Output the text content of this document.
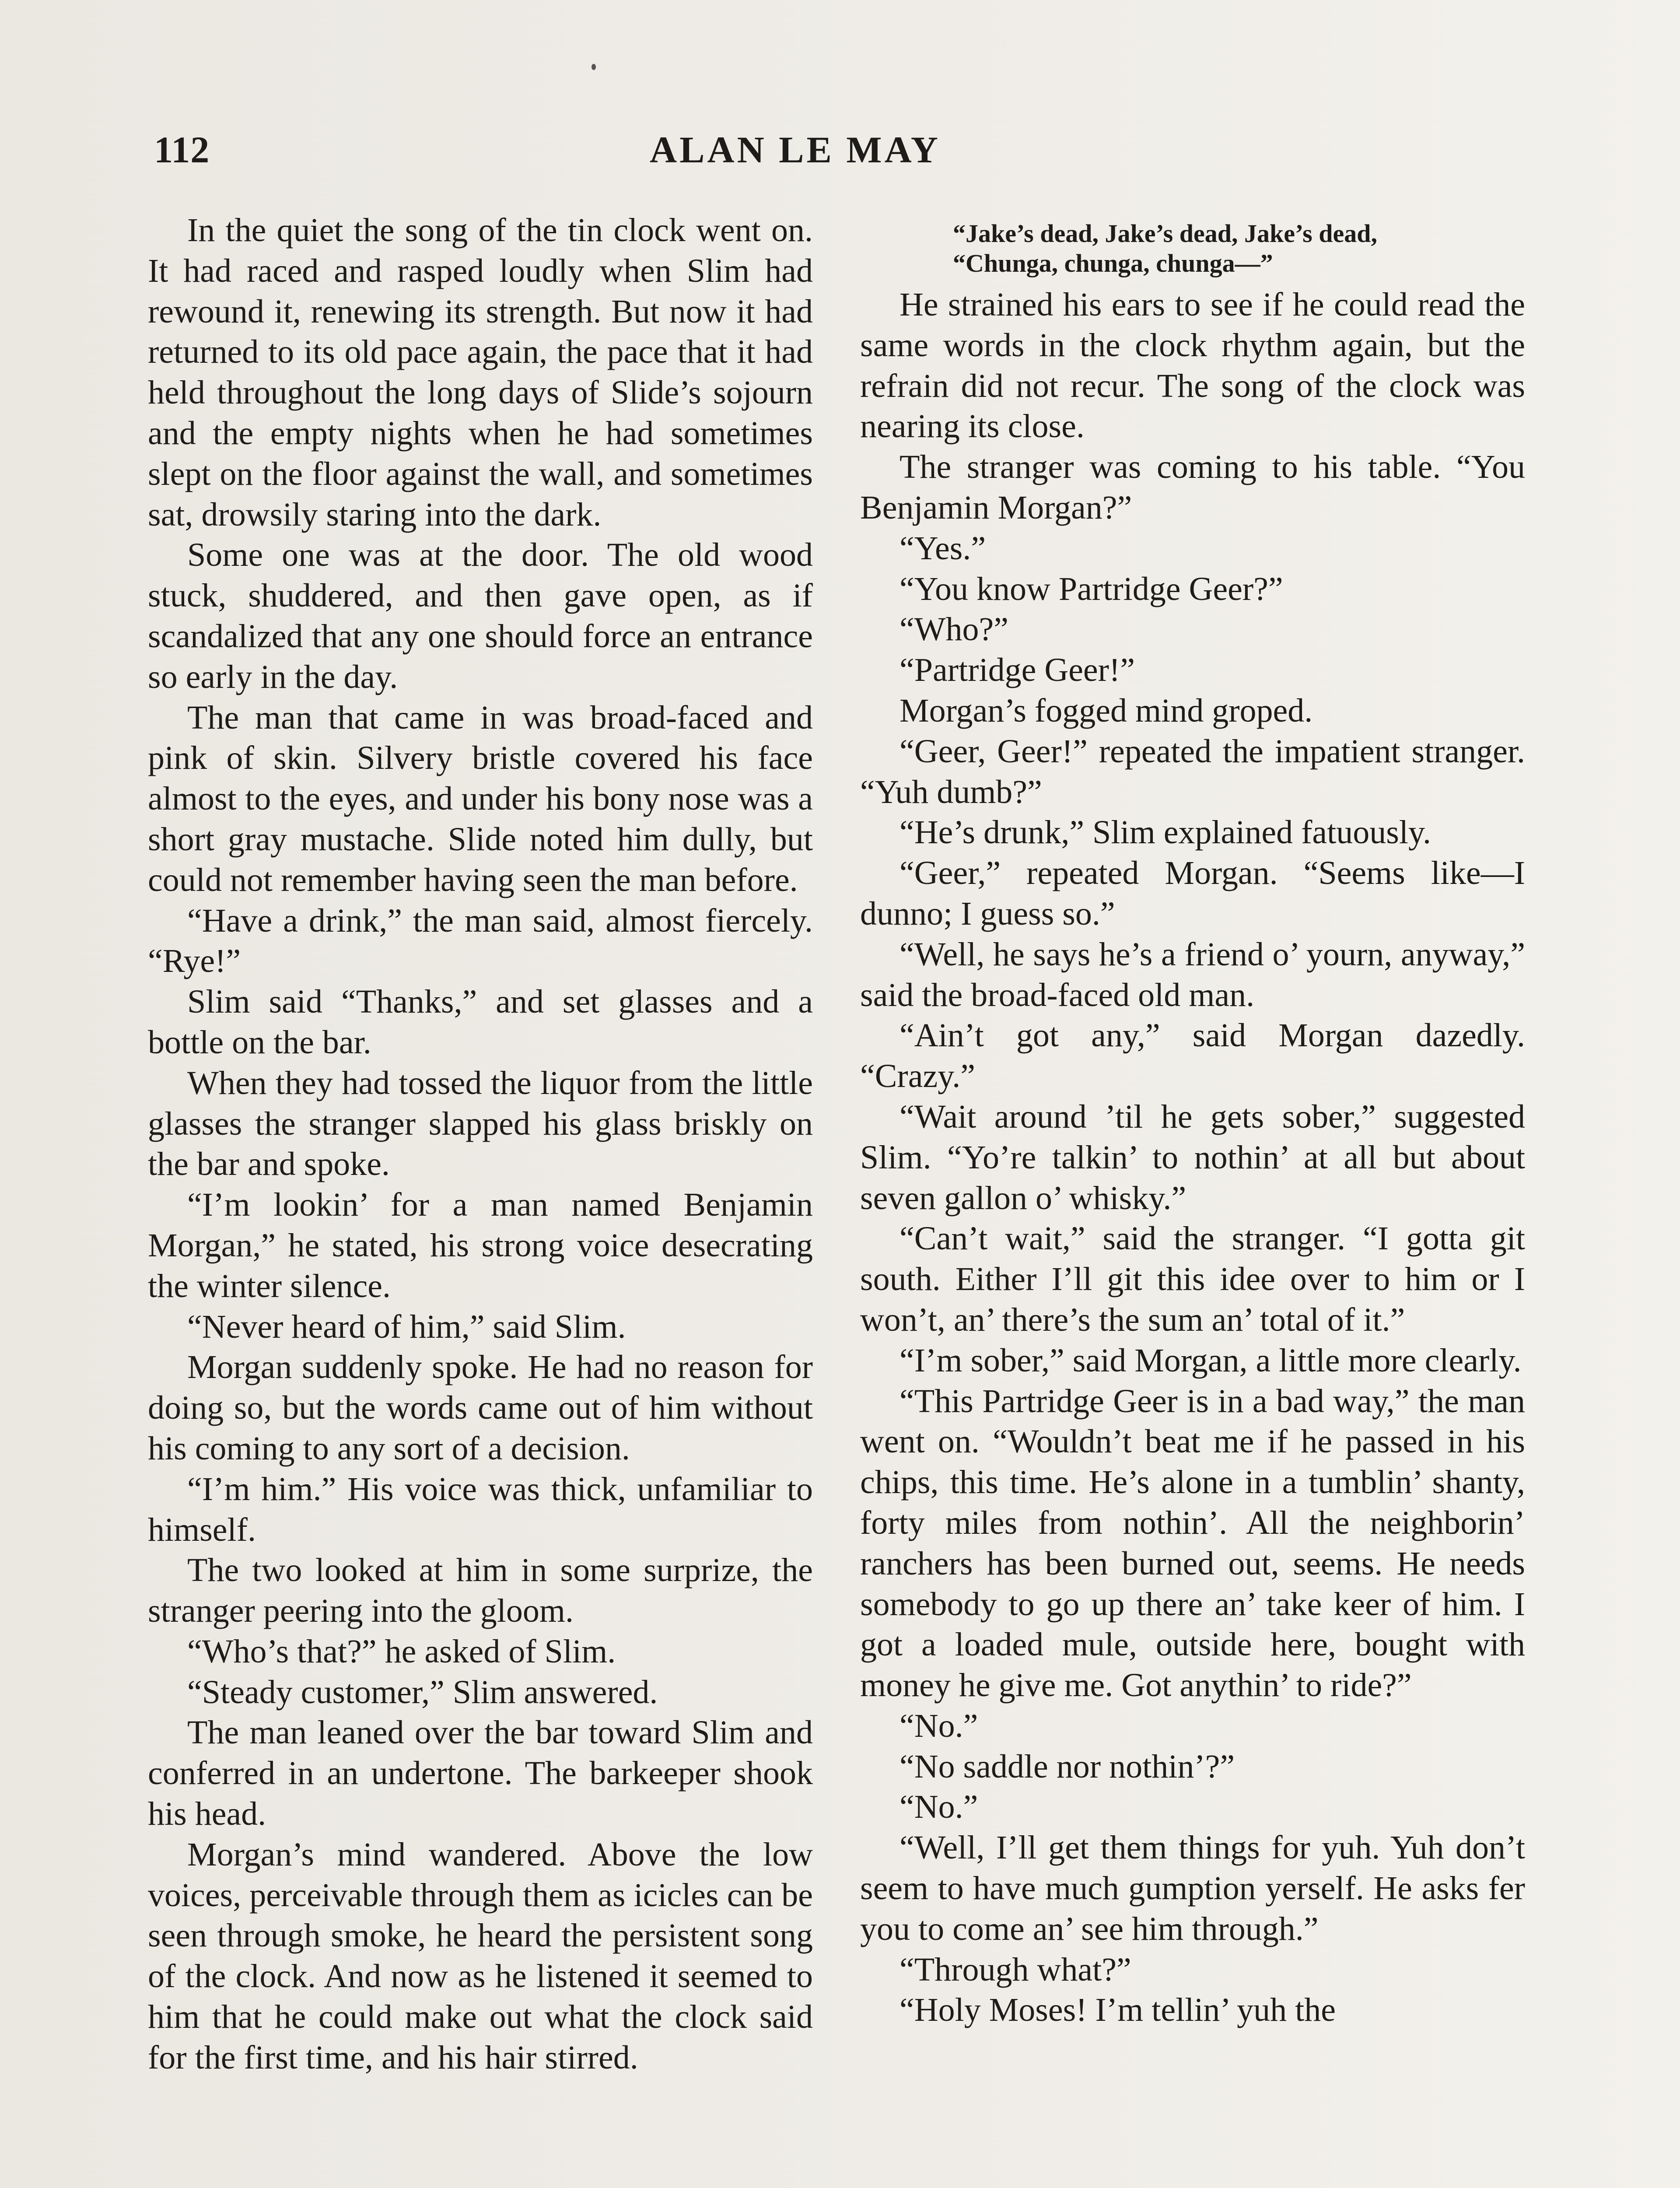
112	ALAN LE MAY

In the quiet the song of the tin clock went on. It had raced and rasped loudly when Slim had rewound it, renewing its strength. But now it had returned to its old pace again, the pace that it had held throughout the long days of Slide’s sojourn and the empty nights when he had sometimes slept on the floor against the wall, and sometimes sat, drowsily staring into the dark.

Some one was at the door. The old wood stuck, shuddered, and then gave open, as if scandalized that any one should force an entrance so early in the day.

The man that came in was broad-faced and pink of skin. Silvery bristle covered his face almost to the eyes, and under his bony nose was a short gray mustache. Slide noted him dully, but could not remember having seen the man before.

“Have a drink,” the man said, almost fiercely. “Rye!”

Slim said “Thanks,” and set glasses and a bottle on the bar.

When they had tossed the liquor from the little glasses the stranger slapped his glass briskly on the bar and spoke.

“I’m lookin’ for a man named Benjamin Morgan,” he stated, his strong voice desecrating the winter silence.

“Never heard of him,” said Slim.

Morgan suddenly spoke. He had no reason for doing so, but the words came out of him without his coming to any sort of a decision.

“I’m him.” His voice was thick, unfamiliar to himself.

The two looked at him in some surprize, the stranger peering into the gloom.

“Who’s that?” he asked of Slim.

“Steady customer,” Slim answered.

The man leaned over the bar toward Slim and conferred in an undertone. The barkeeper shook his head.

Morgan’s mind wandered. Above the low voices, perceivable through them as icicles can be seen through smoke, he heard the persistent song of the clock. And now as he listened it seemed to him that he could make out what the clock said for the first time, and his hair stirred.

“Jake’s dead, Jake’s dead, Jake’s dead,
“Chunga, chunga, chunga—”

He strained his ears to see if he could read the same words in the clock rhythm again, but the refrain did not recur. The song of the clock was nearing its close.

The stranger was coming to his table. “You Benjamin Morgan?”

“Yes.”

“You know Partridge Geer?”

“Who?”

“Partridge Geer!”

Morgan’s fogged mind groped.

“Geer, Geer!” repeated the impatient stranger. “Yuh dumb?”

“He’s drunk,” Slim explained fatuously.

“Geer,” repeated Morgan. “Seems like—I dunno; I guess so.”

“Well, he says he’s a friend o’ yourn, anyway,” said the broad-faced old man.

“Ain’t got any,” said Morgan dazedly. “Crazy.”

“Wait around ’til he gets sober,” suggested Slim. “Yo’re talkin’ to nothin’ at all but about seven gallon o’ whisky.”

“Can’t wait,” said the stranger. “I gotta git south. Either I’ll git this idee over to him or I won’t, an’ there’s the sum an’ total of it.”

“I’m sober,” said Morgan, a little more clearly.

“This Partridge Geer is in a bad way,” the man went on. “Wouldn’t beat me if he passed in his chips, this time. He’s alone in a tumblin’ shanty, forty miles from nothin’. All the neighborin’ ranchers has been burned out, seems. He needs somebody to go up there an’ take keer of him. I got a loaded mule, outside here, bought with money he give me. Got anythin’ to ride?”

“No.”

“No saddle nor nothin’?”

“No.”

“Well, I’ll get them things for yuh. Yuh don’t seem to have much gumption yerself. He asks fer you to come an’ see him through.”

“Through what?”

“Holy Moses! I’m tellin’ yuh the
